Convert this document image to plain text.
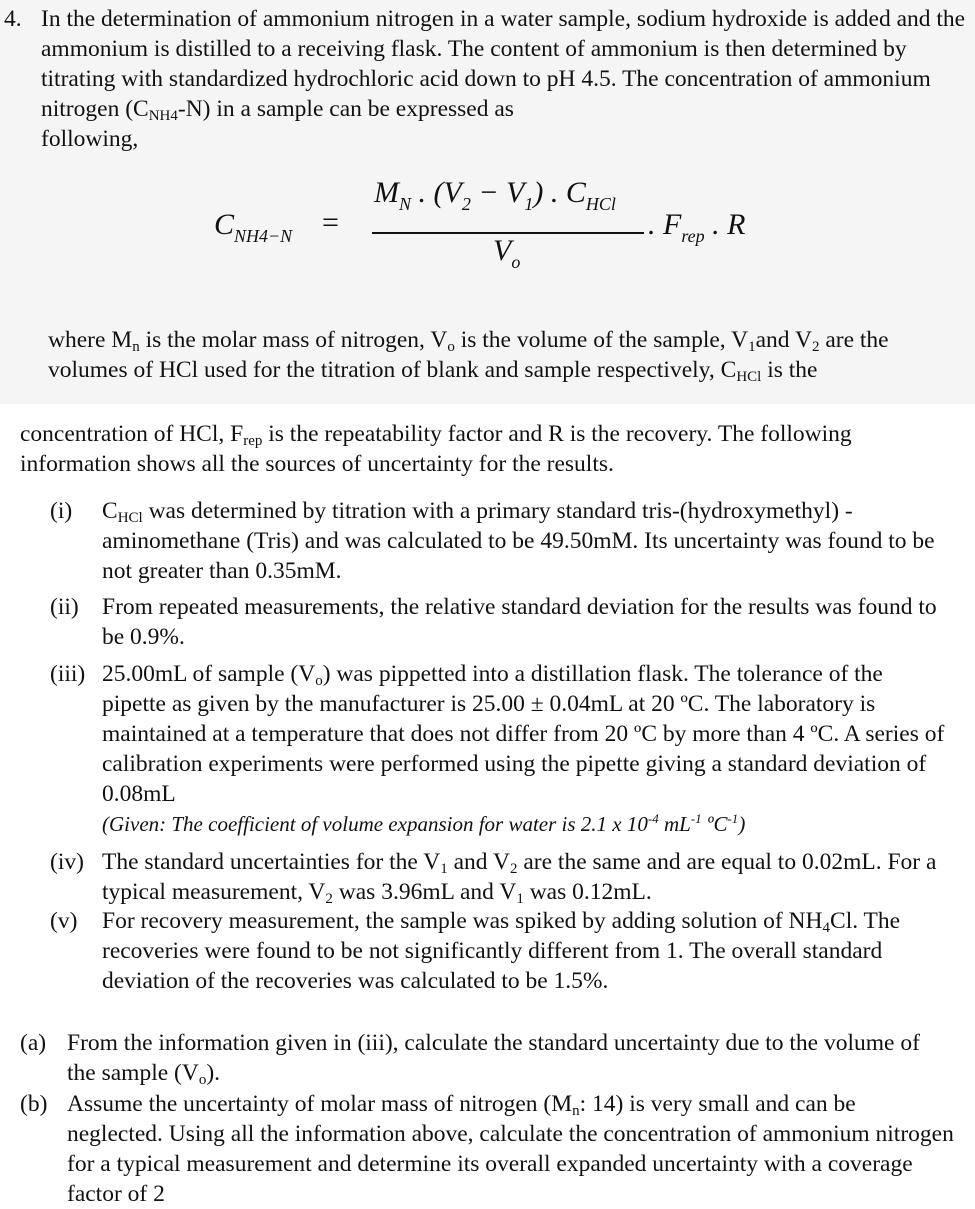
4. In the determination of ammonium nitrogen in a water sample, sodium hydroxide is added and the ammonium is distilled to a receiving flask. The content of ammonium is then determined by titrating with standardized hydrochloric acid down to pH 4.5. The concentration of ammonium nitrogen $(C_{NH4}-N)$ in a sample can be expressed as
following,
$C_{NH4-N}$ =
$M_N$ . $(V_2 - V_1)$ . $C_{HCl}$
$V_o$
. $F_{rep}$ . R
where $M_n$ is the molar mass of nitrogen, $V_o$ is the volume of the sample, $V_1and$ $V_2$ are the volumes of HCl used for the titration of blank and sample respectively, $C_{HCl}$ is the
concentration of HCl, $F_{rep}$ is the repeatability factor and R is the recovery. The following information shows all the sources of uncertainty for the results.
(i) $C_{HCl}$ was determined by titration with a primary standard tris-(hydroxymethyl) - aminomethane (Tris) and was calculated to be 49.50mM. Its uncertainty was found to be not greater than 0.35mM.
(ii) From repeated measurements, the relative standard deviation for the results was found to be 0.9%.
(iii) 25.00mL of sample $(V_o)$ was pippetted into a distillation flask. The tolerance of the pipette as given by the manufacturer is 25.00 ± 0.04mL at 20 ºC. The laboratory is maintained at a temperature that does not differ from 20 ºC by more than 4 ºC. A series of calibration experiments were performed using the pipette giving a standard deviation of 0.08mL
(Given: The coefficient of volume expansion for water is 2.1 x $10^{-4}$ $mL^{-1}$ ºC$^{-1}$)
(iv) The standard uncertainties for the $V_1$ and $V_2$ are the same and are equal to 0.02mL. For a typical measurement, $V_2$ was 3.96mL and $V_1$ was 0.12mL.
(v) For recovery measurement, the sample was spiked by adding solution of $NH_4Cl$. The recoveries were found to be not significantly different from 1. The overall standard deviation of the recoveries was calculated to be 1.5%.
(a) From the information given in (iii), calculate the standard uncertainty due to the volume of the sample $(V_o)$.
(b) Assume the uncertainty of molar mass of nitrogen ($M_n$: 14) is very small and can be neglected. Using all the information above, calculate the concentration of ammonium nitrogen for a typical measurement and determine its overall expanded uncertainty with a coverage factor of 2
